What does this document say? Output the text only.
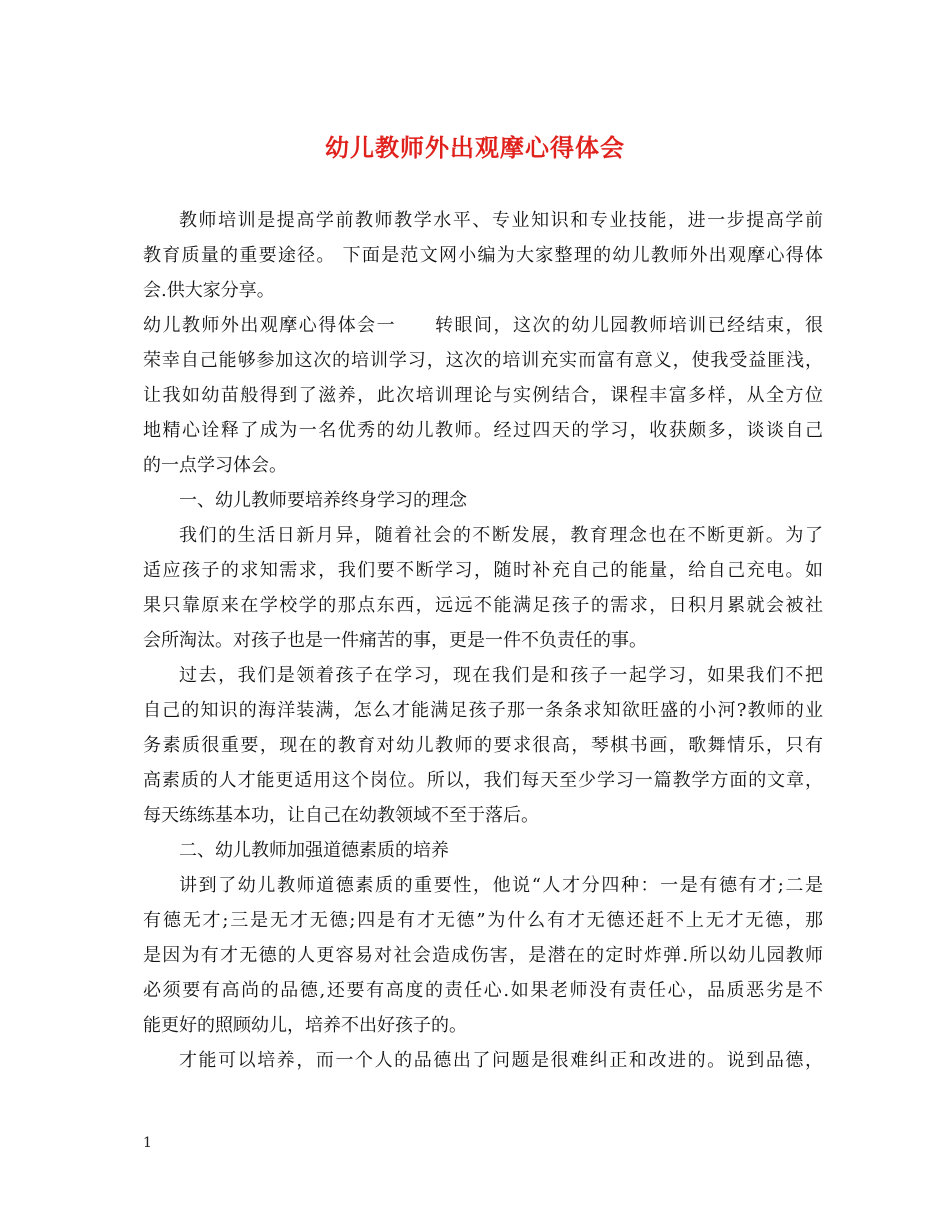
幼儿教师外出观摩心得体会
教师培训是提高学前教师教学水平、专业知识和专业技能，进一步提高学前
教育质量的重要途径。 下面是范文网小编为大家整理的幼儿教师外出观摩心得体
会.供大家分享。
幼儿教师外出观摩心得体会一　　转眼间，这次的幼儿园教师培训已经结束，很
荣幸自己能够参加这次的培训学习，这次的培训充实而富有意义，使我受益匪浅，
让我如幼苗般得到了滋养，此次培训理论与实例结合，课程丰富多样，从全方位
地精心诠释了成为一名优秀的幼儿教师。经过四天的学习，收获颇多，谈谈自己
的一点学习体会。
一、幼儿教师要培养终身学习的理念
我们的生活日新月异，随着社会的不断发展，教育理念也在不断更新。为了
适应孩子的求知需求，我们要不断学习，随时补充自己的能量，给自己充电。如
果只靠原来在学校学的那点东西，远远不能满足孩子的需求，日积月累就会被社
会所淘汰。对孩子也是一件痛苦的事，更是一件不负责任的事。
过去，我们是领着孩子在学习，现在我们是和孩子一起学习，如果我们不把
自己的知识的海洋装满，怎么才能满足孩子那一条条求知欲旺盛的小河?教师的业
务素质很重要，现在的教育对幼儿教师的要求很高，琴棋书画，歌舞情乐，只有
高素质的人才能更适用这个岗位。所以，我们每天至少学习一篇教学方面的文章，
每天练练基本功，让自己在幼教领域不至于落后。
二、幼儿教师加强道德素质的培养
讲到了幼儿教师道德素质的重要性，他说“人才分四种：一是有德有才;二是
有德无才;三是无才无德;四是有才无德”为什么有才无德还赶不上无才无德，那
是因为有才无德的人更容易对社会造成伤害，是潜在的定时炸弹.所以幼儿园教师
必须要有高尚的品德,还要有高度的责任心.如果老师没有责任心，品质恶劣是不
能更好的照顾幼儿，培养不出好孩子的。
才能可以培养，而一个人的品德出了问题是很难纠正和改进的。说到品德，
1
